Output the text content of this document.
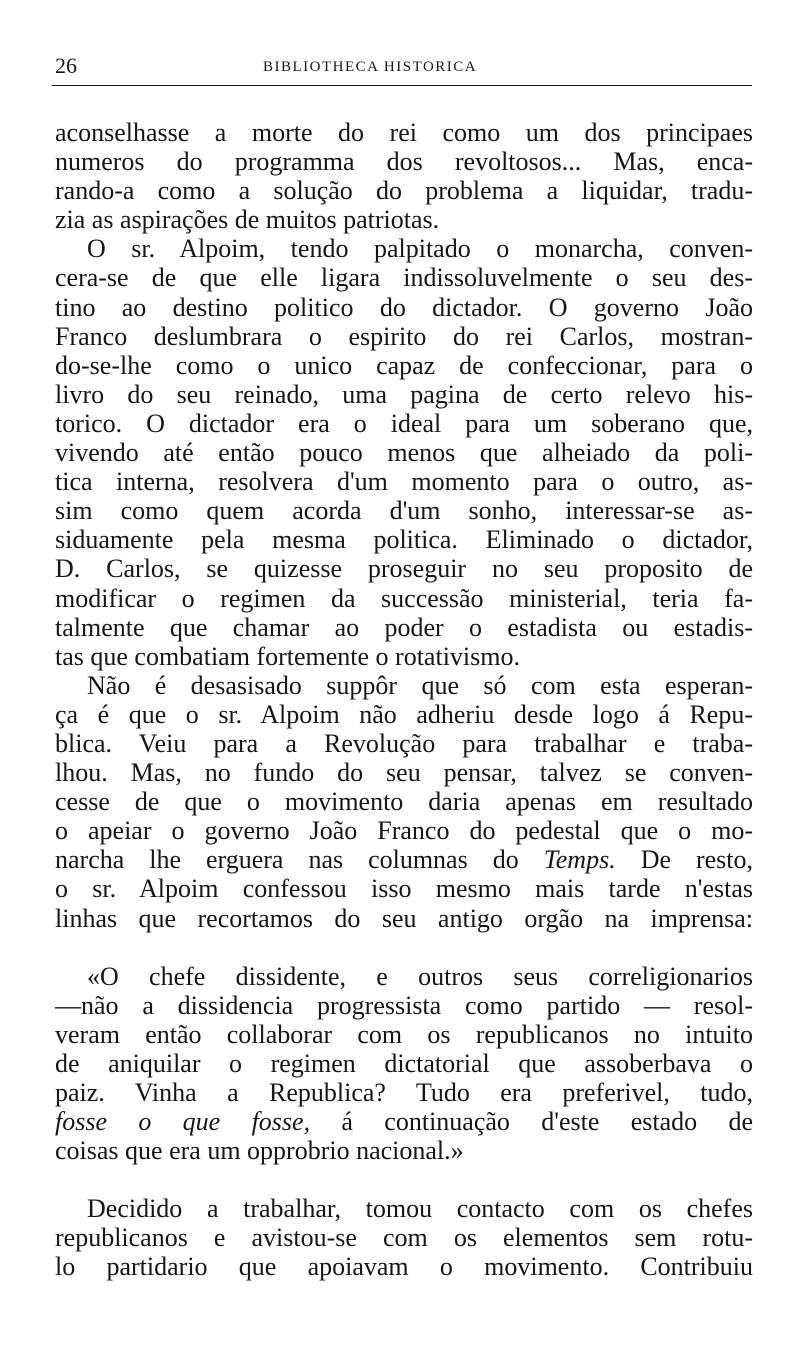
26	BIBLIOTHECA HISTORICA
aconselhasse a morte do rei como um dos principaes
numeros do programma dos revoltosos... Mas, enca-
rando-a como a solução do problema a liquidar, tradu-
zia as aspirações de muitos patriotas.
O sr. Alpoim, tendo palpitado o monarcha, conven-
cera-se de que elle ligara indissoluvelmente o seu des-
tino ao destino politico do dictador. O governo João
Franco deslumbrara o espirito do rei Carlos, mostran-
do-se-lhe como o unico capaz de confeccionar, para o
livro do seu reinado, uma pagina de certo relevo his-
torico. O dictador era o ideal para um soberano que,
vivendo até então pouco menos que alheiado da poli-
tica interna, resolvera d'um momento para o outro, as-
sim como quem acorda d'um sonho, interessar-se as-
siduamente pela mesma politica. Eliminado o dictador,
D. Carlos, se quizesse proseguir no seu proposito de
modificar o regimen da successão ministerial, teria fa-
talmente que chamar ao poder o estadista ou estadis-
tas que combatiam fortemente o rotativismo.
Não é desasisado suppôr que só com esta esperan-
ça é que o sr. Alpoim não adheriu desde logo á Repu-
blica. Veiu para a Revolução para trabalhar e traba-
lhou. Mas, no fundo do seu pensar, talvez se conven-
cesse de que o movimento daria apenas em resultado
o apeiar o governo João Franco do pedestal que o mo-
narcha lhe erguera nas columnas do Temps. De resto,
o sr. Alpoim confessou isso mesmo mais tarde n'estas
linhas que recortamos do seu antigo orgão na imprensa:
«O chefe dissidente, e outros seus correligionarios
—não a dissidencia progressista como partido — resol-
veram então collaborar com os republicanos no intuito
de aniquilar o regimen dictatorial que assoberbava o
paiz. Vinha a Republica? Tudo era preferivel, tudo,
fosse o que fosse, á continuação d'este estado de
coisas que era um opprobrio nacional.»
Decidido a trabalhar, tomou contacto com os chefes
republicanos e avistou-se com os elementos sem rotu-
lo partidario que apoiavam o movimento. Contribuiu
